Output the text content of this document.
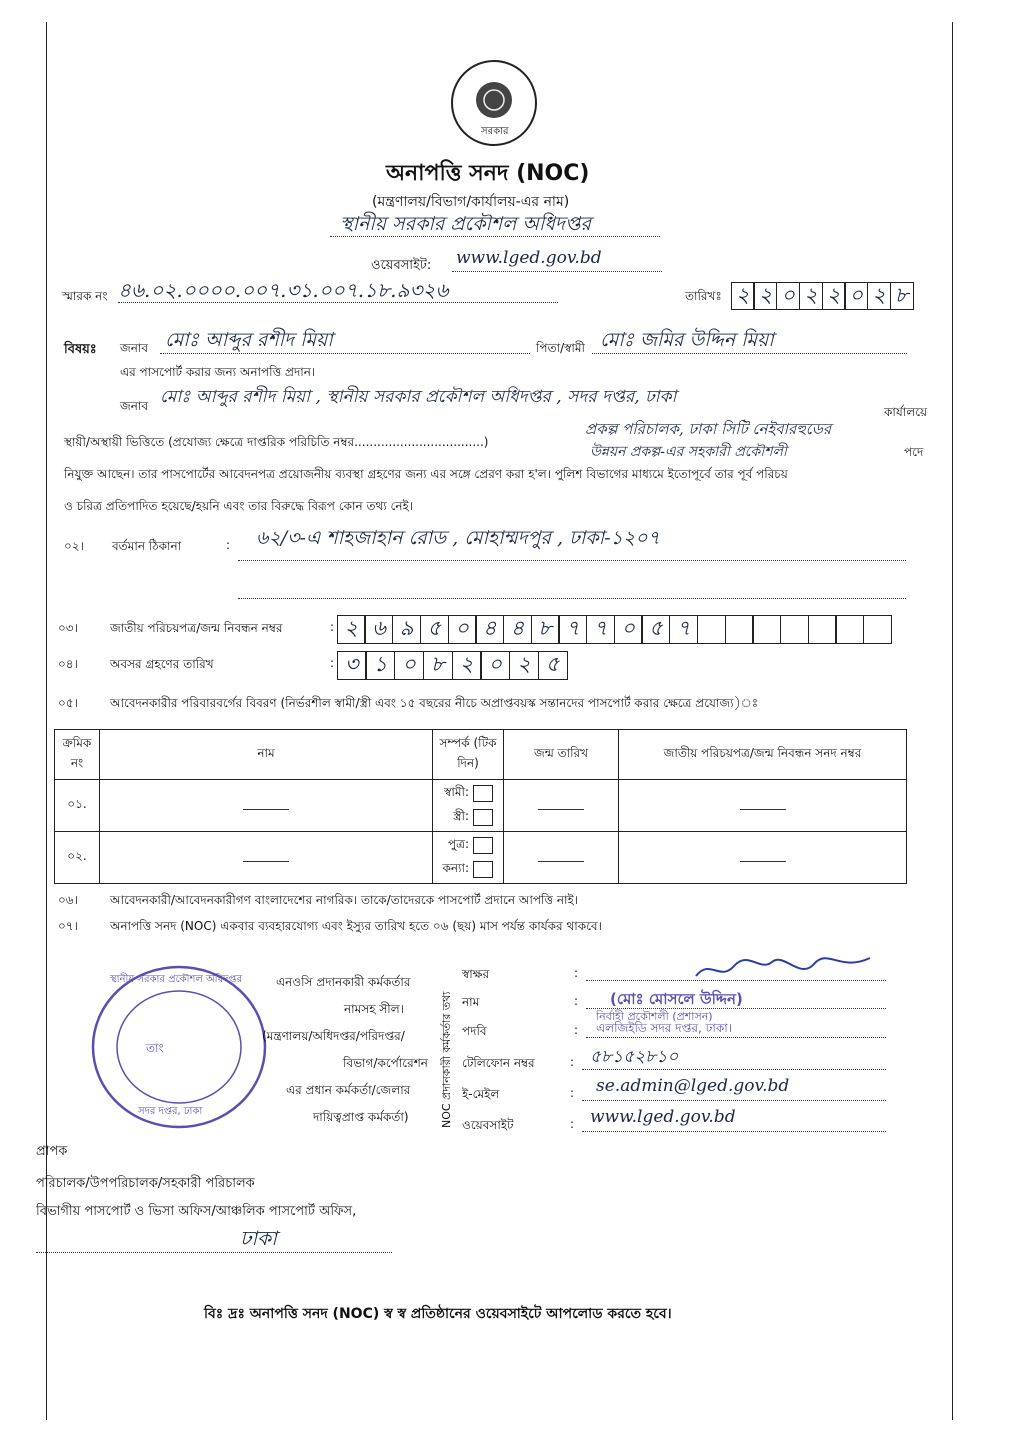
সরকার
অনাপত্তি সনদ (NOC)
(মন্ত্রণালয়/বিভাগ/কার্যালয়-এর নাম)
স্থানীয় সরকার প্রকৌশল অধিদপ্তর
ওয়েবসাইট: www.lged.gov.bd
স্মারক নং ৪৬.০২.০০০০.০০৭.৩১.০০৭.১৮.৯৩২৬	তারিখঃ ২ ২ ০ ২ ২ ০ ২ ৮
বিষয়ঃ জনাব মোঃ আব্দুর রশীদ মিয়া	পিতা/স্বামী মোঃ জমির উদ্দিন মিয়া
এর পাসপোর্ট করার জন্য অনাপত্তি প্রদান।
জনাব মোঃ আব্দুর রশীদ মিয়া , স্থানীয় সরকার প্রকৌশল অধিদপ্তর , সদর দপ্তর, ঢাকা
কার্যালয়ে
স্থায়ী/অস্থায়ী ভিত্তিতে (প্রযোজ্য ক্ষেত্রে দাপ্তরিক পরিচিতি নম্বর..................................)
প্রকল্প পরিচালক, ঢাকা সিটি নেইবারহুডের
উন্নয়ন প্রকল্প-এর সহকারী প্রকৌশলী	পদে
নিযুক্ত আছেন। তার পাসপোর্টের আবেদনপত্র প্রয়োজনীয় ব্যবস্থা গ্রহণের জন্য এর সঙ্গে প্রেরণ করা হ'ল। পুলিশ বিভাগের মাধ্যমে ইতোপূর্বে তার পূর্ব পরিচয়
ও চরিত্র প্রতিপাদিত হয়েছে/হয়নি এবং তার বিরুদ্ধে বিরূপ কোন তথ্য নেই।
০২। বর্তমান ঠিকানা	: ৬২/৩-এ শাহজাহান রোড , মোহাম্মদপুর , ঢাকা-১২০৭
০৩।	জাতীয় পরিচয়পত্র/জন্ম নিবন্ধন নম্বর	: ২ ৬ ৯ ৫ ০ ৪ ৪ ৮ ৭ ৭ ০ ৫ ৭
০৪।	অবসর গ্রহণের তারিখ	: ৩ ১ ০ ৮ ২ ০ ২ ৫
০৫।	আবেদনকারীর পরিবারবর্গের বিবরণ (নির্ভরশীল স্বামী/স্ত্রী এবং ১৫ বছরের নীচে অপ্রাপ্তবয়স্ক সন্তানদের পাসপোর্ট করার ক্ষেত্রে প্রযোজ্য)ঃ
ক্রমিক নং	নাম	সম্পর্ক (টিক দিন)	জন্ম তারিখ	জাতীয় পরিচয়পত্র/জন্ম নিবন্ধন সনদ নম্বর
০১.		স্বামী:
স্ত্রী:		

০২.		পুত্র:
কন্যা:		

০৬।	আবেদনকারী/আবেদনকারীগণ বাংলাদেশের নাগরিক। তাকে/তাদেরকে পাসপোর্ট প্রদানে আপত্তি নাই।
০৭।	অনাপত্তি সনদ (NOC) একবার ব্যবহারযোগ্য এবং ইস্যুর তারিখ হতে ০৬ (ছয়) মাস পর্যন্ত কার্যকর থাকবে।
স্থানীয় সরকার প্রকৌশল অধিদপ্তর
তাং
সদর দপ্তর, ঢাকা
এনওসি প্রদানকারী কর্মকর্তার
নামসহ সীল।
(মন্ত্রণালয়/অধিদপ্তর/পরিদপ্তর/
বিভাগ/কর্পোরেশন
এর প্রধান কর্মকর্তা/জেলার
দায়িত্বপ্রাপ্ত কর্মকর্তা)	NOC প্রদানকারী কর্মকর্তার তথ্য
স্বাক্ষর	:
নাম	: (মোঃ মোসলে উদ্দিন)
নির্বাহী প্রকৌশলী (প্রশাসন)
পদবি	: এলজিইডি সদর দপ্তর, ঢাকা।
টেলিফোন নম্বর	: ৫৮১৫২৮১০
ই-মেইল	: se.admin@lged.gov.bd
ওয়েবসাইট	: www.lged.gov.bd
প্রাপক
পরিচালক/উপপরিচালক/সহকারী পরিচালক
বিভাগীয় পাসপোর্ট ও ভিসা অফিস/আঞ্চলিক পাসপোর্ট অফিস,
ঢাকা
বিঃ দ্রঃ অনাপত্তি সনদ (NOC) স্ব স্ব প্রতিষ্ঠানের ওয়েবসাইটে আপলোড করতে হবে।
